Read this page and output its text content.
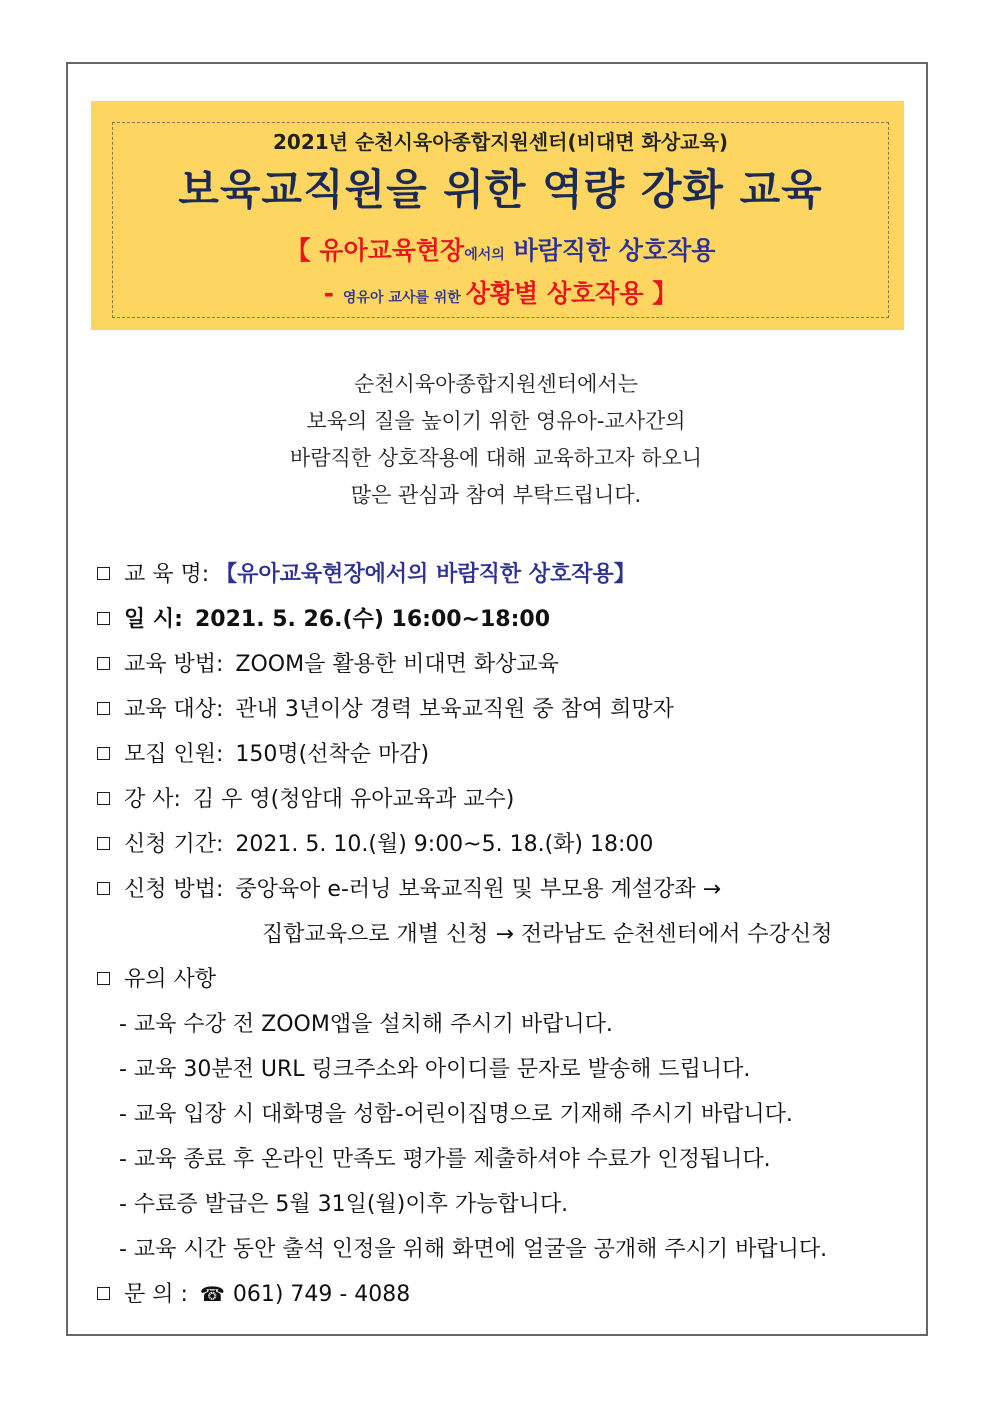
2021년 순천시육아종합지원센터(비대면 화상교육)
보육교직원을 위한 역량 강화 교육
【 유아교육현장에서의 바람직한 상호작용
- 영유아 교사를 위한 상황별 상호작용 】
순천시육아종합지원센터에서는
보육의 질을 높이기 위한 영유아-교사간의
바람직한 상호작용에 대해 교육하고자 하오니
많은 관심과 참여 부탁드립니다.
교 육 명: 【유아교육현장에서의 바람직한 상호작용】
일 시: 2021. 5. 26.(수) 16:00~18:00
교육 방법: ZOOM을 활용한 비대면 화상교육
교육 대상: 관내 3년이상 경력 보육교직원 중 참여 희망자
모집 인원: 150명(선착순 마감)
강 사: 김 우 영(청암대 유아교육과 교수)
신청 기간: 2021. 5. 10.(월) 9:00~5. 18.(화) 18:00
신청 방법: 중앙육아 e-러닝 보육교직원 및 부모용 계설강좌 →
집합교육으로 개별 신청 → 전라남도 순천센터에서 수강신청
유의 사항
- 교육 수강 전 ZOOM앱을 설치해 주시기 바랍니다.
- 교육 30분전 URL 링크주소와 아이디를 문자로 발송해 드립니다.
- 교육 입장 시 대화명을 성함-어린이집명으로 기재해 주시기 바랍니다.
- 교육 종료 후 온라인 만족도 평가를 제출하셔야 수료가 인정됩니다.
- 수료증 발급은 5월 31일(월)이후 가능합니다.
- 교육 시간 동안 출석 인정을 위해 화면에 얼굴을 공개해 주시기 바랍니다.
문 의 : ☎ 061) 749 - 4088
